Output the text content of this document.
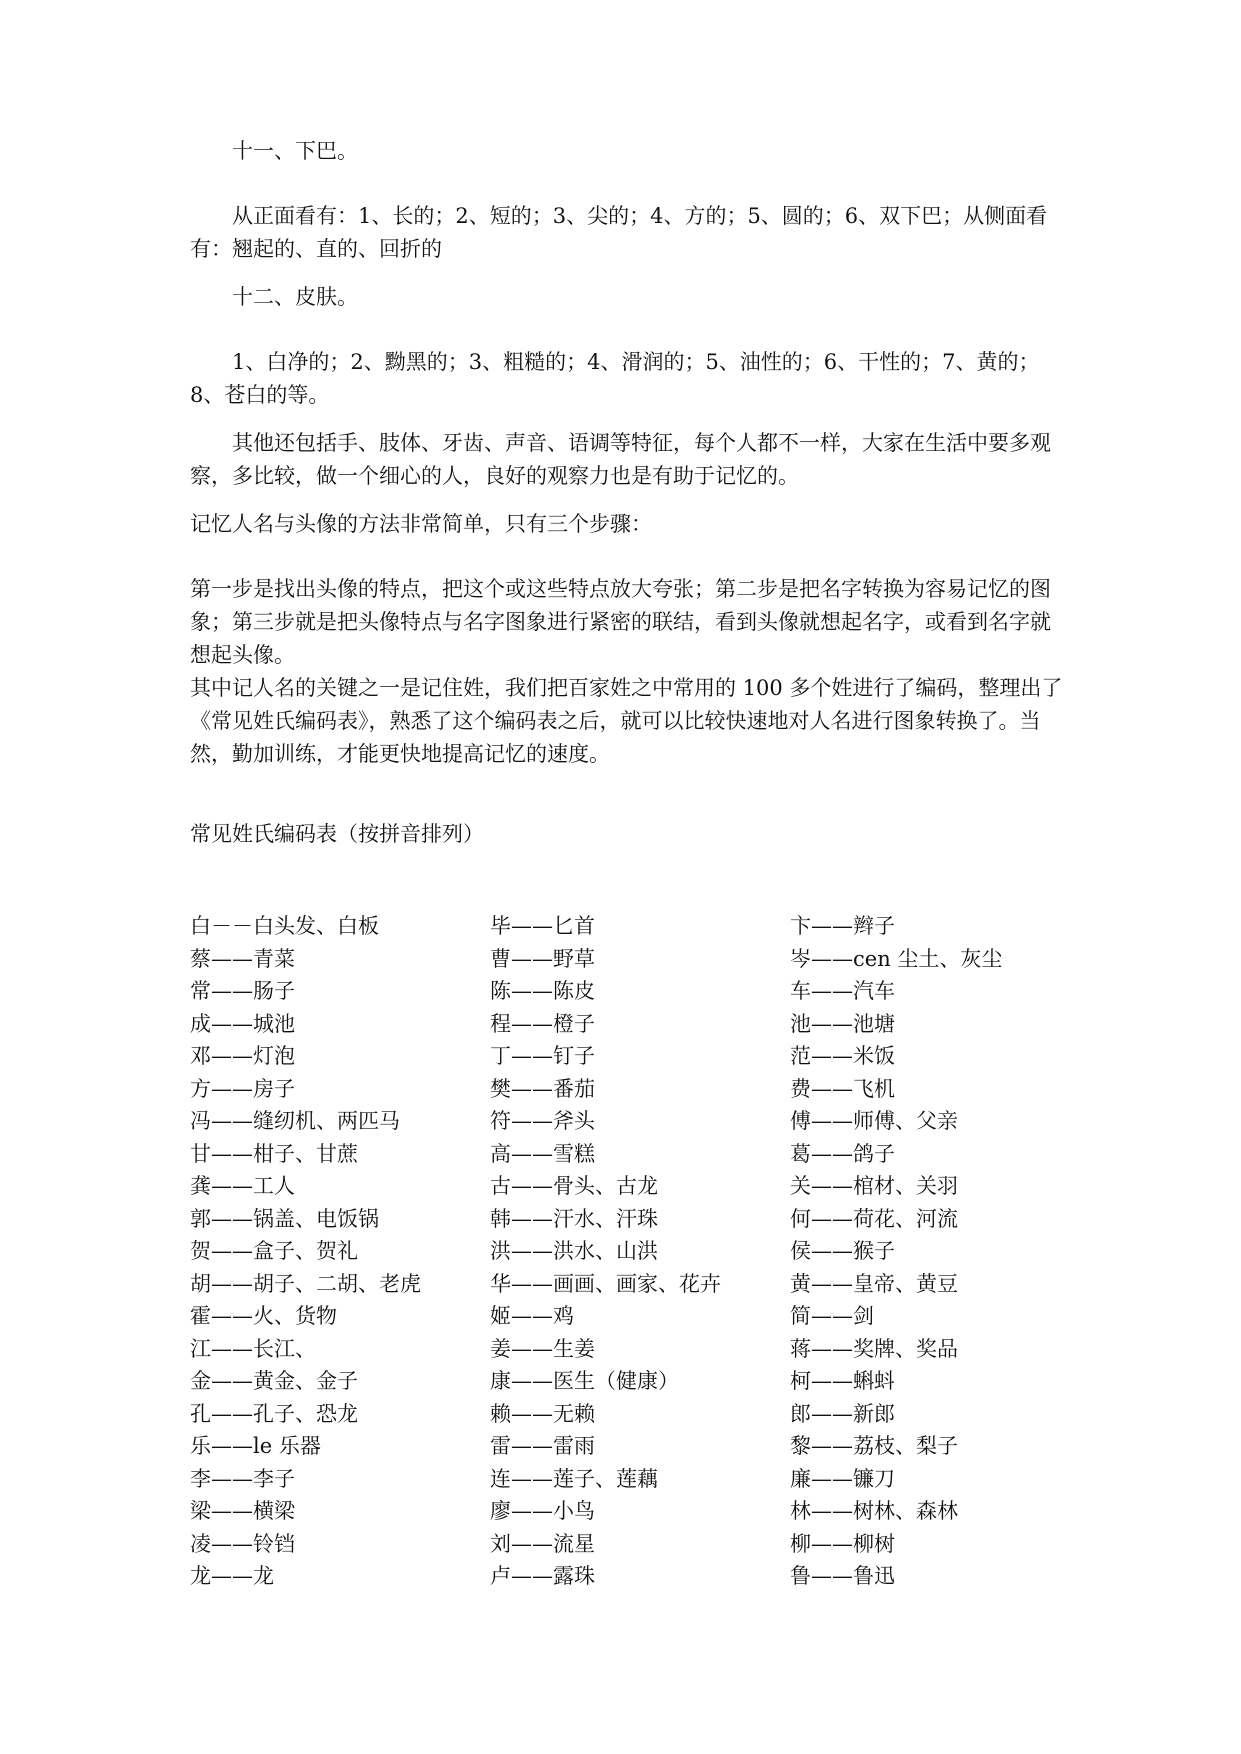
十一、下巴。

从正面看有：1、长的；2、短的；3、尖的；4、方的；5、圆的；6、双下巴；从侧面看有：翘起的、直的、回折的

十二、皮肤。

1、白净的；2、黝黑的；3、粗糙的；4、滑润的；5、油性的；6、干性的；7、黄的；8、苍白的等。

其他还包括手、肢体、牙齿、声音、语调等特征，每个人都不一样，大家在生活中要多观察，多比较，做一个细心的人，良好的观察力也是有助于记忆的。

记忆人名与头像的方法非常简单，只有三个步骤：

第一步是找出头像的特点，把这个或这些特点放大夸张；第二步是把名字转换为容易记忆的图象；第三步就是把头像特点与名字图象进行紧密的联结，看到头像就想起名字，或看到名字就想起头像。

其中记人名的关键之一是记住姓，我们把百家姓之中常用的 100 多个姓进行了编码，整理出了《常见姓氏编码表》，熟悉了这个编码表之后，就可以比较快速地对人名进行图象转换了。当然，勤加训练，才能更快地提高记忆的速度。

常见姓氏编码表（按拼音排列）

白－－白头发、白板	毕——匕首	卞——辫子
蔡——青菜	曹——野草	岑——cen 尘土、灰尘
常——肠子	陈——陈皮	车——汽车
成——城池	程——橙子	池——池塘
邓——灯泡	丁——钉子	范——米饭
方——房子	樊——番茄	费——飞机
冯——缝纫机、两匹马	符——斧头	傅——师傅、父亲
甘——柑子、甘蔗	高——雪糕	葛——鸽子
龚——工人	古——骨头、古龙	关——棺材、关羽
郭——锅盖、电饭锅	韩——汗水、汗珠	何——荷花、河流
贺——盒子、贺礼	洪——洪水、山洪	侯——猴子
胡——胡子、二胡、老虎	华——画画、画家、花卉	黄——皇帝、黄豆
霍——火、货物	姬——鸡	简——剑
江——长江、	姜——生姜	蒋——奖牌、奖品
金——黄金、金子	康——医生（健康）	柯——蝌蚪
孔——孔子、恐龙	赖——无赖	郎——新郎
乐——le 乐器	雷——雷雨	黎——荔枝、梨子
李——李子	连——莲子、莲藕	廉——镰刀
梁——横梁	廖——小鸟	林——树林、森林
凌——铃铛	刘——流星	柳——柳树
龙——龙	卢——露珠	鲁——鲁迅
